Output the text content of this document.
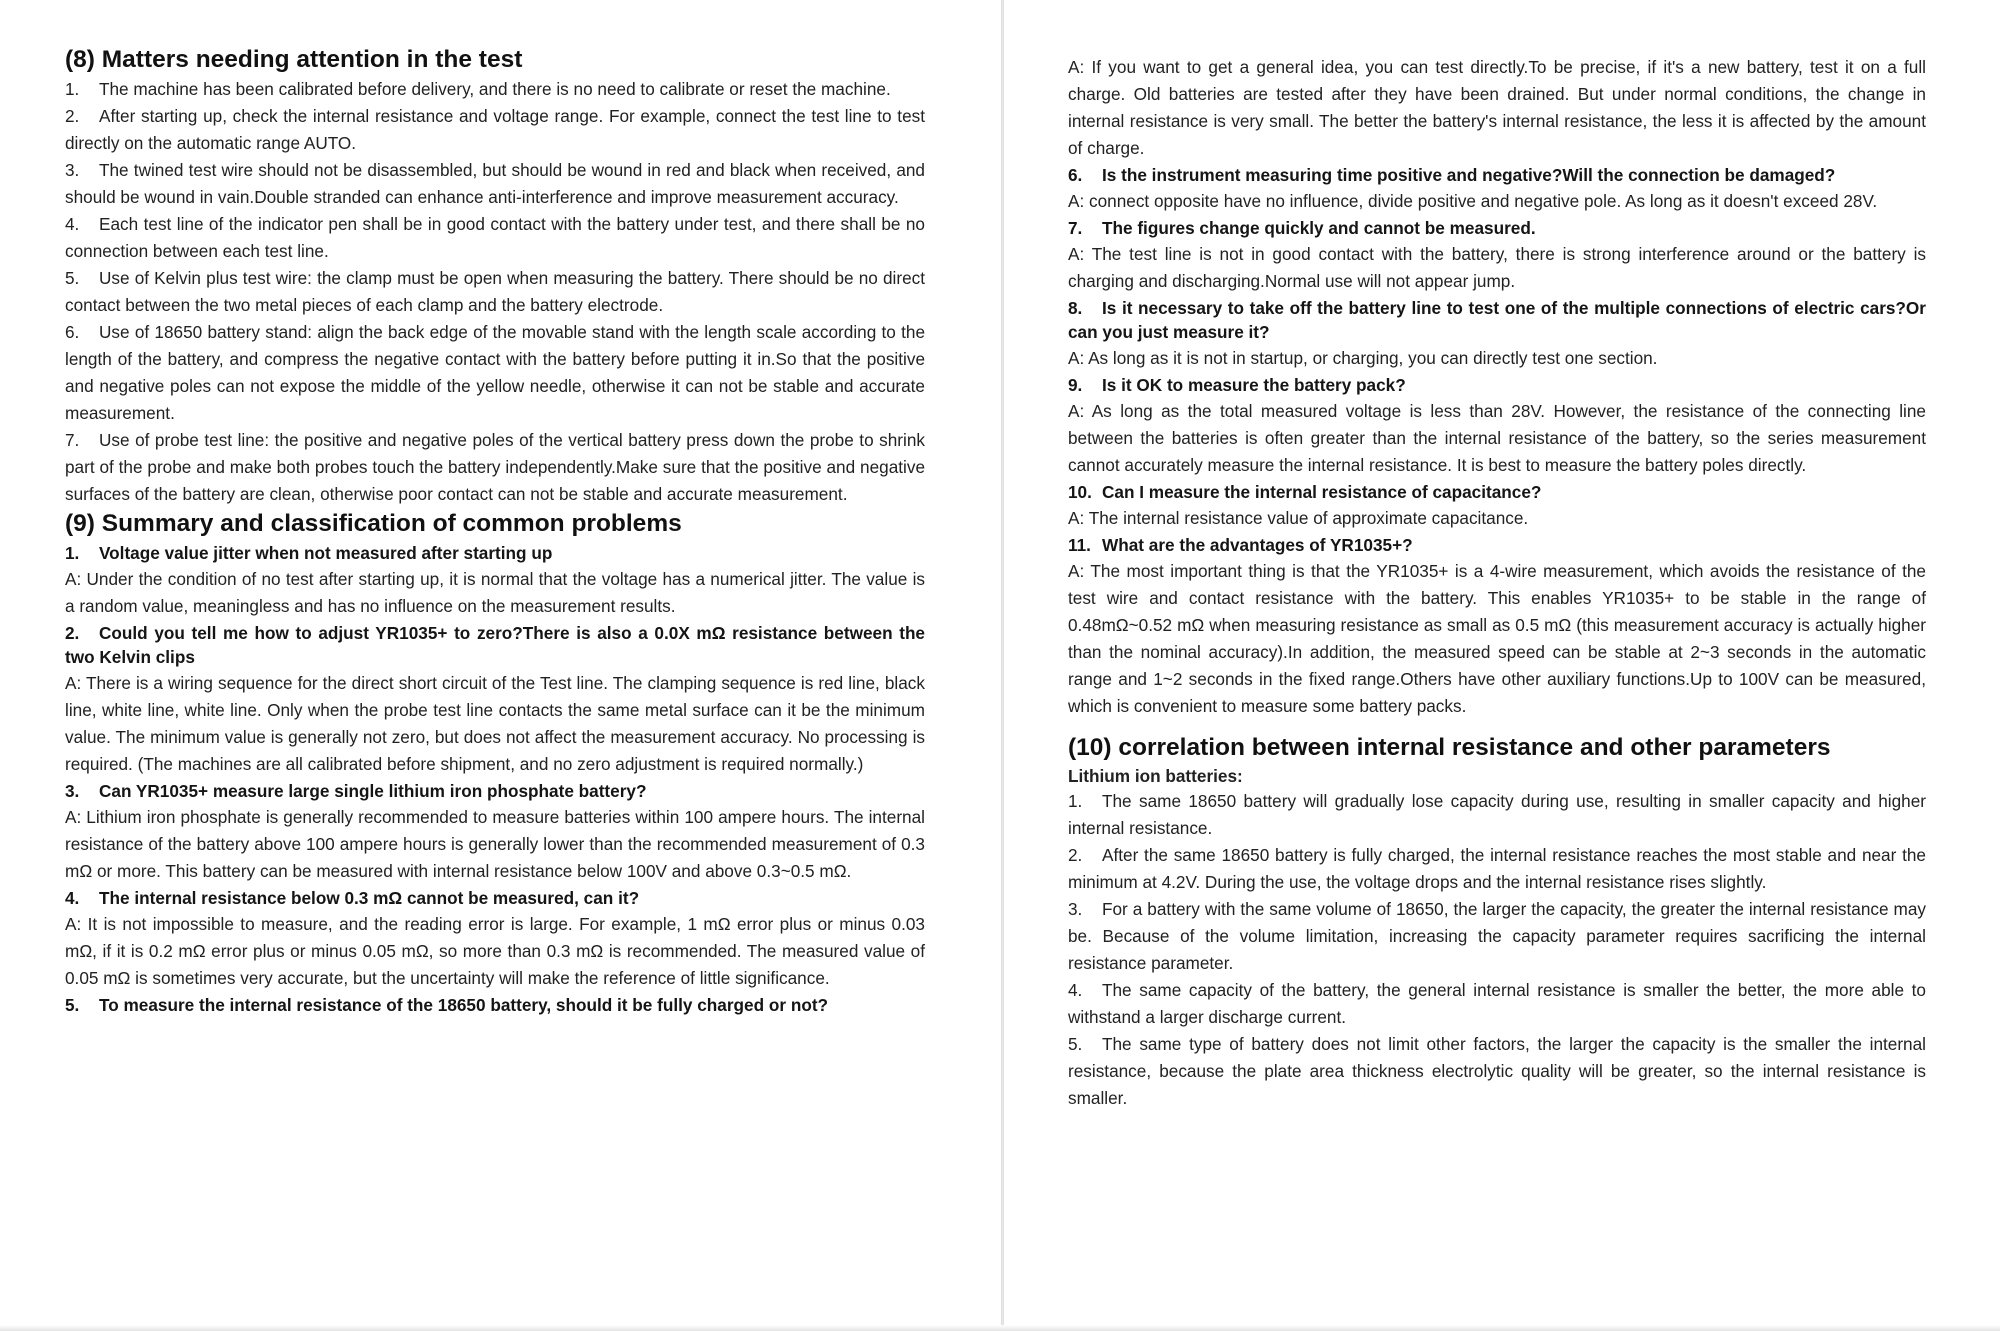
(8) Matters needing attention in the test

1. The machine has been calibrated before delivery, and there is no need to calibrate or reset the machine.

2. After starting up, check the internal resistance and voltage range. For example, connect the test line to test directly on the automatic range AUTO.

3. The twined test wire should not be disassembled, but should be wound in red and black when received, and should be wound in vain.Double stranded can enhance anti-interference and improve measurement accuracy.

4. Each test line of the indicator pen shall be in good contact with the battery under test, and there shall be no connection between each test line.

5. Use of Kelvin plus test wire: the clamp must be open when measuring the battery. There should be no direct contact between the two metal pieces of each clamp and the battery electrode.

6. Use of 18650 battery stand: align the back edge of the movable stand with the length scale according to the length of the battery, and compress the negative contact with the battery before putting it in.So that the positive and negative poles can not expose the middle of the yellow needle, otherwise it can not be stable and accurate measurement.

7. Use of probe test line: the positive and negative poles of the vertical battery press down the probe to shrink part of the probe and make both probes touch the battery independently.Make sure that the positive and negative surfaces of the battery are clean, otherwise poor contact can not be stable and accurate measurement.

(9) Summary and classification of common problems

1. Voltage value jitter when not measured after starting up

A: Under the condition of no test after starting up, it is normal that the voltage has a numerical jitter. The value is a random value, meaningless and has no influence on the measurement results.

2. Could you tell me how to adjust YR1035+ to zero?There is also a 0.0X mΩ resistance between the two Kelvin clips

A: There is a wiring sequence for the direct short circuit of the Test line. The clamping sequence is red line, black line, white line, white line. Only when the probe test line contacts the same metal surface can it be the minimum value. The minimum value is generally not zero, but does not affect the measurement accuracy. No processing is required. (The machines are all calibrated before shipment, and no zero adjustment is required normally.)

3. Can YR1035+ measure large single lithium iron phosphate battery?

A: Lithium iron phosphate is generally recommended to measure batteries within 100 ampere hours. The internal resistance of the battery above 100 ampere hours is generally lower than the recommended measurement of 0.3 mΩ or more. This battery can be measured with internal resistance below 100V and above 0.3~0.5 mΩ.

4. The internal resistance below 0.3 mΩ cannot be measured, can it?

A: It is not impossible to measure, and the reading error is large. For example, 1 mΩ error plus or minus 0.03 mΩ, if it is 0.2 mΩ error plus or minus 0.05 mΩ, so more than 0.3 mΩ is recommended. The measured value of 0.05 mΩ is sometimes very accurate, but the uncertainty will make the reference of little significance.

5. To measure the internal resistance of the 18650 battery, should it be fully charged or not?

A: If you want to get a general idea, you can test directly.To be precise, if it's a new battery, test it on a full charge. Old batteries are tested after they have been drained. But under normal conditions, the change in internal resistance is very small. The better the battery's internal resistance, the less it is affected by the amount of charge.

6. Is the instrument measuring time positive and negative?Will the connection be damaged?

A: connect opposite have no influence, divide positive and negative pole. As long as it doesn't exceed 28V.

7. The figures change quickly and cannot be measured.

A: The test line is not in good contact with the battery, there is strong interference around or the battery is charging and discharging.Normal use will not appear jump.

8. Is it necessary to take off the battery line to test one of the multiple connections of electric cars?Or can you just measure it?

A: As long as it is not in startup, or charging, you can directly test one section.

9. Is it OK to measure the battery pack?

A: As long as the total measured voltage is less than 28V. However, the resistance of the connecting line between the batteries is often greater than the internal resistance of the battery, so the series measurement cannot accurately measure the internal resistance. It is best to measure the battery poles directly.

10. Can I measure the internal resistance of capacitance?

A: The internal resistance value of approximate capacitance.

11. What are the advantages of YR1035+?

A: The most important thing is that the YR1035+ is a 4-wire measurement, which avoids the resistance of the test wire and contact resistance with the battery. This enables YR1035+ to be stable in the range of 0.48mΩ~0.52 mΩ when measuring resistance as small as 0.5 mΩ (this measurement accuracy is actually higher than the nominal accuracy).In addition, the measured speed can be stable at 2~3 seconds in the automatic range and 1~2 seconds in the fixed range.Others have other auxiliary functions.Up to 100V can be measured, which is convenient to measure some battery packs.

(10) correlation between internal resistance and other parameters

Lithium ion batteries:

1. The same 18650 battery will gradually lose capacity during use, resulting in smaller capacity and higher internal resistance.

2. After the same 18650 battery is fully charged, the internal resistance reaches the most stable and near the minimum at 4.2V. During the use, the voltage drops and the internal resistance rises slightly.

3. For a battery with the same volume of 18650, the larger the capacity, the greater the internal resistance may be. Because of the volume limitation, increasing the capacity parameter requires sacrificing the internal resistance parameter.

4. The same capacity of the battery, the general internal resistance is smaller the better, the more able to withstand a larger discharge current.

5. The same type of battery does not limit other factors, the larger the capacity is the smaller the internal resistance, because the plate area thickness electrolytic quality will be greater, so the internal resistance is smaller.
